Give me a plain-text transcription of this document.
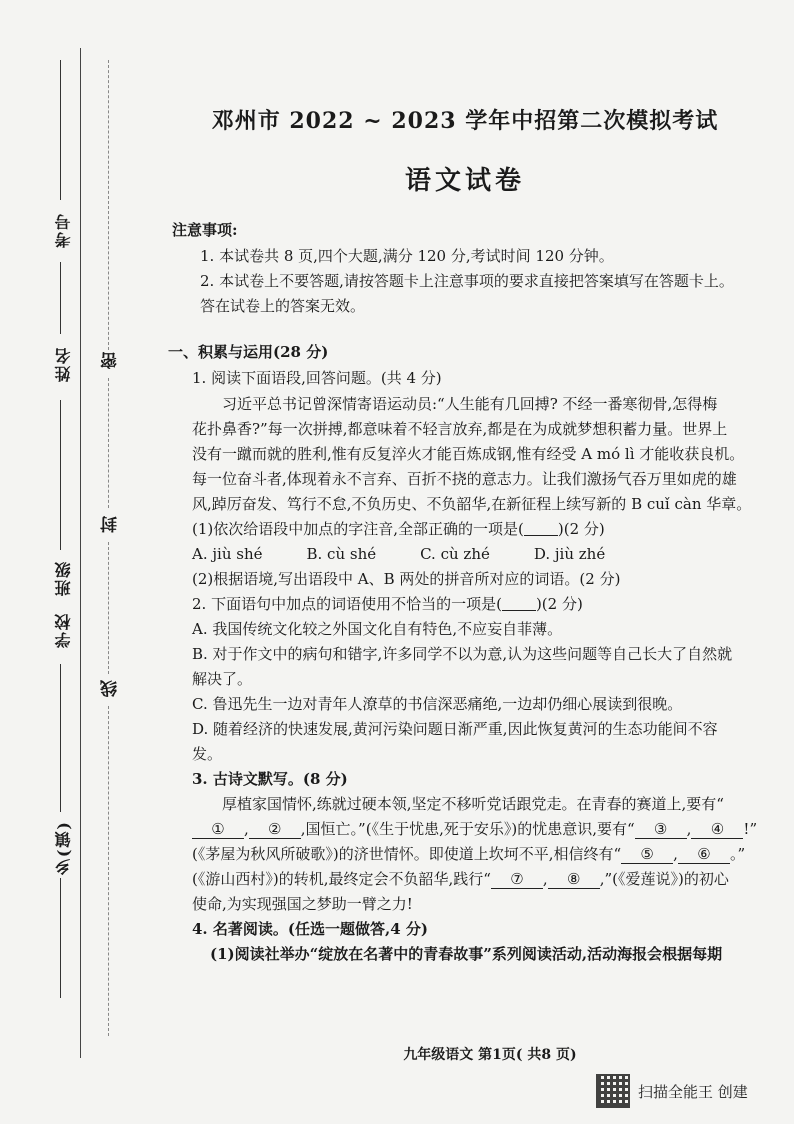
考号
姓名
班级
学校
乡(镇)
密
封
线
邓州市 2022 ~ 2023 学年中招第二次模拟考试
语文试卷
注意事项:
1. 本试卷共 8 页,四个大题,满分 120 分,考试时间 120 分钟。
2. 本试卷上不要答题,请按答题卡上注意事项的要求直接把答案填写在答题卡上。
答在试卷上的答案无效。
一、积累与运用(28 分)
1. 阅读下面语段,回答问题。(共 4 分)
习近平总书记曾深情寄语运动员:“人生能有几回搏? 不经一番寒彻骨,怎得梅
花扑鼻香?”每一次拼搏,都意味着不轻言放弃,都是在为成就梦想积蓄力量。世界上
没有一蹴而就的胜利,惟有反复淬火才能百炼成钢,惟有经受 A mó lì 才能收获良机。
每一位奋斗者,体现着永不言弃、百折不挠的意志力。让我们激扬气吞万里如虎的雄
风,踔厉奋发、笃行不怠,不负历史、不负韶华,在新征程上续写新的 B cuǐ càn 华章。
(1)依次给语段中加点的字注音,全部正确的一项是( )(2 分)
A. jiù shé	B. cù shé	C. cù zhé	D. jiù zhé
(2)根据语境,写出语段中 A、B 两处的拼音所对应的词语。(2 分)
2. 下面语句中加点的词语使用不恰当的一项是( )(2 分)
A. 我国传统文化较之外国文化自有特色,不应妄自菲薄。
B. 对于作文中的病句和错字,许多同学不以为意,认为这些问题等自己长大了自然就
解决了。
C. 鲁迅先生一边对青年人潦草的书信深恶痛绝,一边却仍细心展读到很晚。
D. 随着经济的快速发展,黄河污染问题日渐严重,因此恢复黄河的生态功能间不容
发。
3. 古诗文默写。(8 分)
厚植家国情怀,练就过硬本领,坚定不移听党话跟党走。在青春的赛道上,要有“
① , ② ,国恒亡。”(《生于忧患,死于安乐》)的忧患意识,要有“ ③ , ④ !”
(《茅屋为秋风所破歌》)的济世情怀。即使道上坎坷不平,相信终有“ ⑤ , ⑥ 。”
(《游山西村》)的转机,最终定会不负韶华,践行“ ⑦ , ⑧ ,”(《爱莲说》)的初心
使命,为实现强国之梦助一臂之力!
4. 名著阅读。(任选一题做答,4 分)
(1)阅读社举办“绽放在名著中的青春故事”系列阅读活动,活动海报会根据每期
九年级语文 第1页( 共8 页)
扫描全能王 创建
